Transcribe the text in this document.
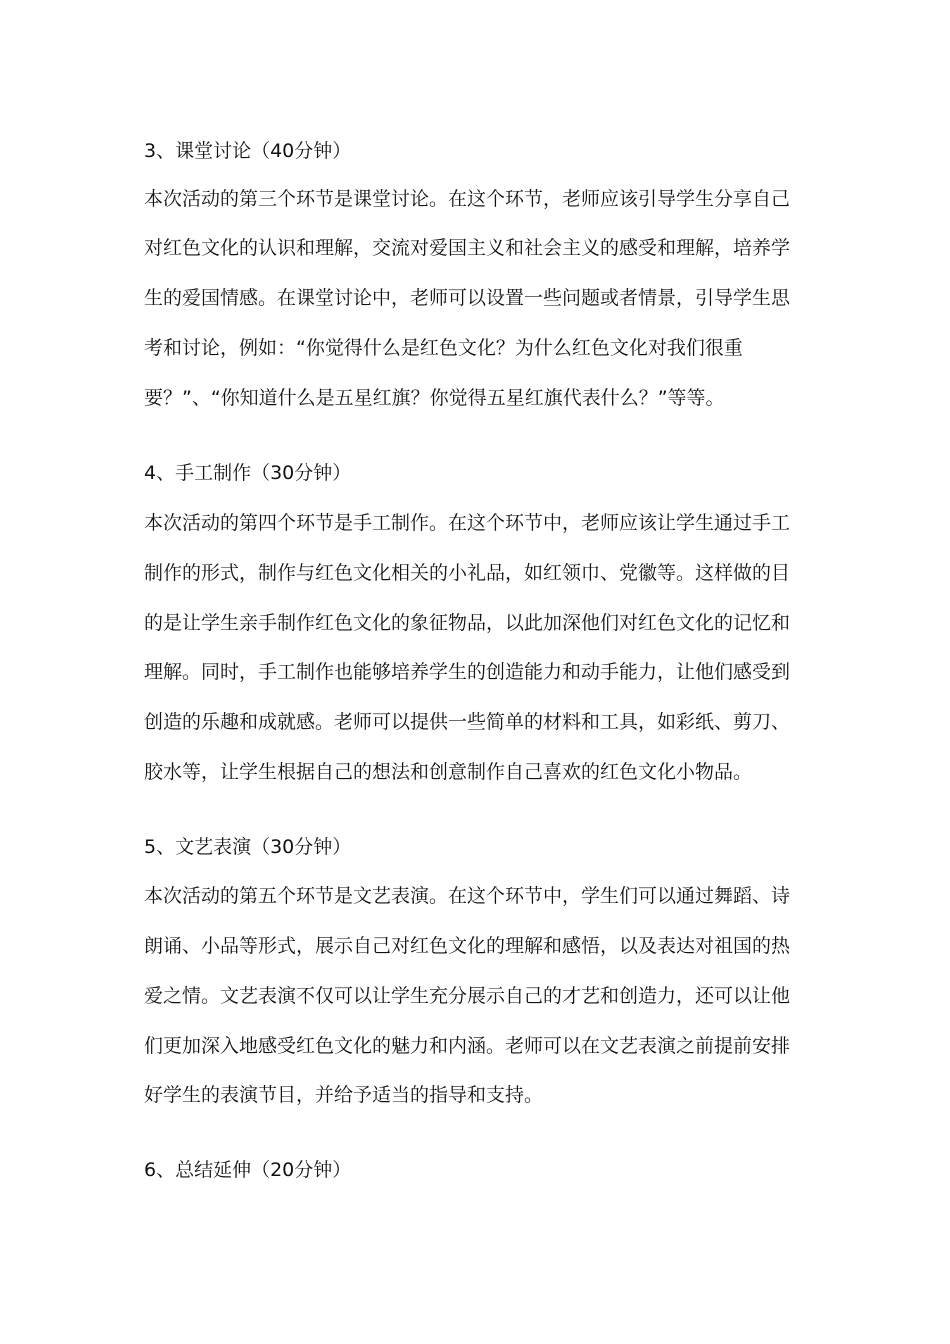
3、课堂讨论（40分钟）
本次活动的第三个环节是课堂讨论。在这个环节，老师应该引导学生分享自己
对红色文化的认识和理解，交流对爱国主义和社会主义的感受和理解，培养学
生的爱国情感。在课堂讨论中，老师可以设置一些问题或者情景，引导学生思
考和讨论，例如：“你觉得什么是红色文化？为什么红色文化对我们很重
要？”、“你知道什么是五星红旗？你觉得五星红旗代表什么？”等等。
4、手工制作（30分钟）
本次活动的第四个环节是手工制作。在这个环节中，老师应该让学生通过手工
制作的形式，制作与红色文化相关的小礼品，如红领巾、党徽等。这样做的目
的是让学生亲手制作红色文化的象征物品，以此加深他们对红色文化的记忆和
理解。同时，手工制作也能够培养学生的创造能力和动手能力，让他们感受到
创造的乐趣和成就感。老师可以提供一些简单的材料和工具，如彩纸、剪刀、
胶水等，让学生根据自己的想法和创意制作自己喜欢的红色文化小物品。
5、文艺表演（30分钟）
本次活动的第五个环节是文艺表演。在这个环节中，学生们可以通过舞蹈、诗
朗诵、小品等形式，展示自己对红色文化的理解和感悟，以及表达对祖国的热
爱之情。文艺表演不仅可以让学生充分展示自己的才艺和创造力，还可以让他
们更加深入地感受红色文化的魅力和内涵。老师可以在文艺表演之前提前安排
好学生的表演节目，并给予适当的指导和支持。
6、总结延伸（20分钟）
